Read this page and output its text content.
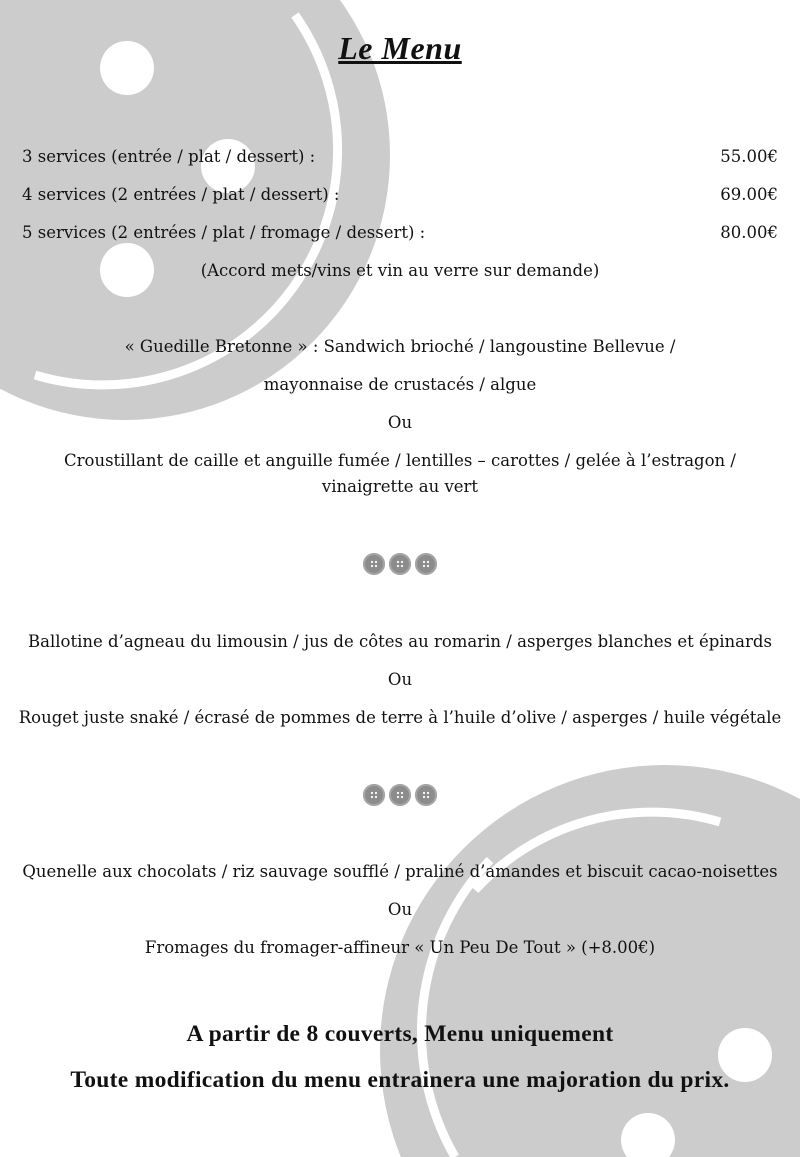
Le Menu
3 services (entrée / plat / dessert) :	55.00€
4 services (2 entrées / plat / dessert) :	69.00€
5 services (2 entrées / plat / fromage / dessert) :	80.00€
(Accord mets/vins et vin au verre sur demande)
« Guedille Bretonne » : Sandwich brioché / langoustine Bellevue /
mayonnaise de crustacés / algue
Ou
Croustillant de caille et anguille fumée / lentilles – carottes / gelée à l’estragon / vinaigrette au vert
Ballotine d’agneau du limousin / jus de côtes au romarin / asperges blanches et épinards
Ou
Rouget juste snaké / écrasé de pommes de terre à l’huile d’olive / asperges / huile végétale
Quenelle aux chocolats / riz sauvage soufflé / praliné d’amandes et biscuit cacao-noisettes
Ou
Fromages du fromager-affineur « Un Peu De Tout » (+8.00€)
A partir de 8 couverts, Menu uniquement
Toute modification du menu entrainera une majoration du prix.
